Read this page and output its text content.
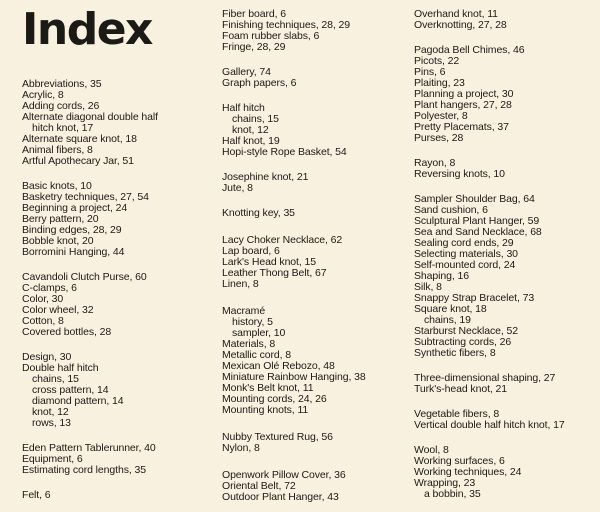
Index
Abbreviations, 35
Acrylic, 8
Adding cords, 26
Alternate diagonal double half
hitch knot, 17
Alternate square knot, 18
Animal fibers, 8
Artful Apothecary Jar, 51
Basic knots, 10
Basketry techniques, 27, 54
Beginning a project, 24
Berry pattern, 20
Binding edges, 28, 29
Bobble knot, 20
Borromini Hanging, 44
Cavandoli Clutch Purse, 60
C-clamps, 6
Color, 30
Color wheel, 32
Cotton, 8
Covered bottles, 28
Design, 30
Double half hitch
chains, 15
cross pattern, 14
diamond pattern, 14
knot, 12
rows, 13
Eden Pattern Tablerunner, 40
Equipment, 6
Estimating cord lengths, 35
Felt, 6
Fiber board, 6
Finishing techniques, 28, 29
Foam rubber slabs, 6
Fringe, 28, 29
Gallery, 74
Graph papers, 6
Half hitch
chains, 15
knot, 12
Half knot, 19
Hopi-style Rope Basket, 54
Josephine knot, 21
Jute, 8
Knotting key, 35
Lacy Choker Necklace, 62
Lap board, 6
Lark's Head knot, 15
Leather Thong Belt, 67
Linen, 8
Macramé
history, 5
sampler, 10
Materials, 8
Metallic cord, 8
Mexican Olé Rebozo, 48
Miniature Rainbow Hanging, 38
Monk's Belt knot, 11
Mounting cords, 24, 26
Mounting knots, 11
Nubby Textured Rug, 56
Nylon, 8
Openwork Pillow Cover, 36
Oriental Belt, 72
Outdoor Plant Hanger, 43
Overhand knot, 11
Overknotting, 27, 28
Pagoda Bell Chimes, 46
Picots, 22
Pins, 6
Plaiting, 23
Planning a project, 30
Plant hangers, 27, 28
Polyester, 8
Pretty Placemats, 37
Purses, 28
Rayon, 8
Reversing knots, 10
Sampler Shoulder Bag, 64
Sand cushion, 6
Sculptural Plant Hanger, 59
Sea and Sand Necklace, 68
Sealing cord ends, 29
Selecting materials, 30
Self-mounted cord, 24
Shaping, 16
Silk, 8
Snappy Strap Bracelet, 73
Square knot, 18
chains, 19
Starburst Necklace, 52
Subtracting cords, 26
Synthetic fibers, 8
Three-dimensional shaping, 27
Turk's-head knot, 21
Vegetable fibers, 8
Vertical double half hitch knot, 17
Wool, 8
Working surfaces, 6
Working techniques, 24
Wrapping, 23
a bobbin, 35
